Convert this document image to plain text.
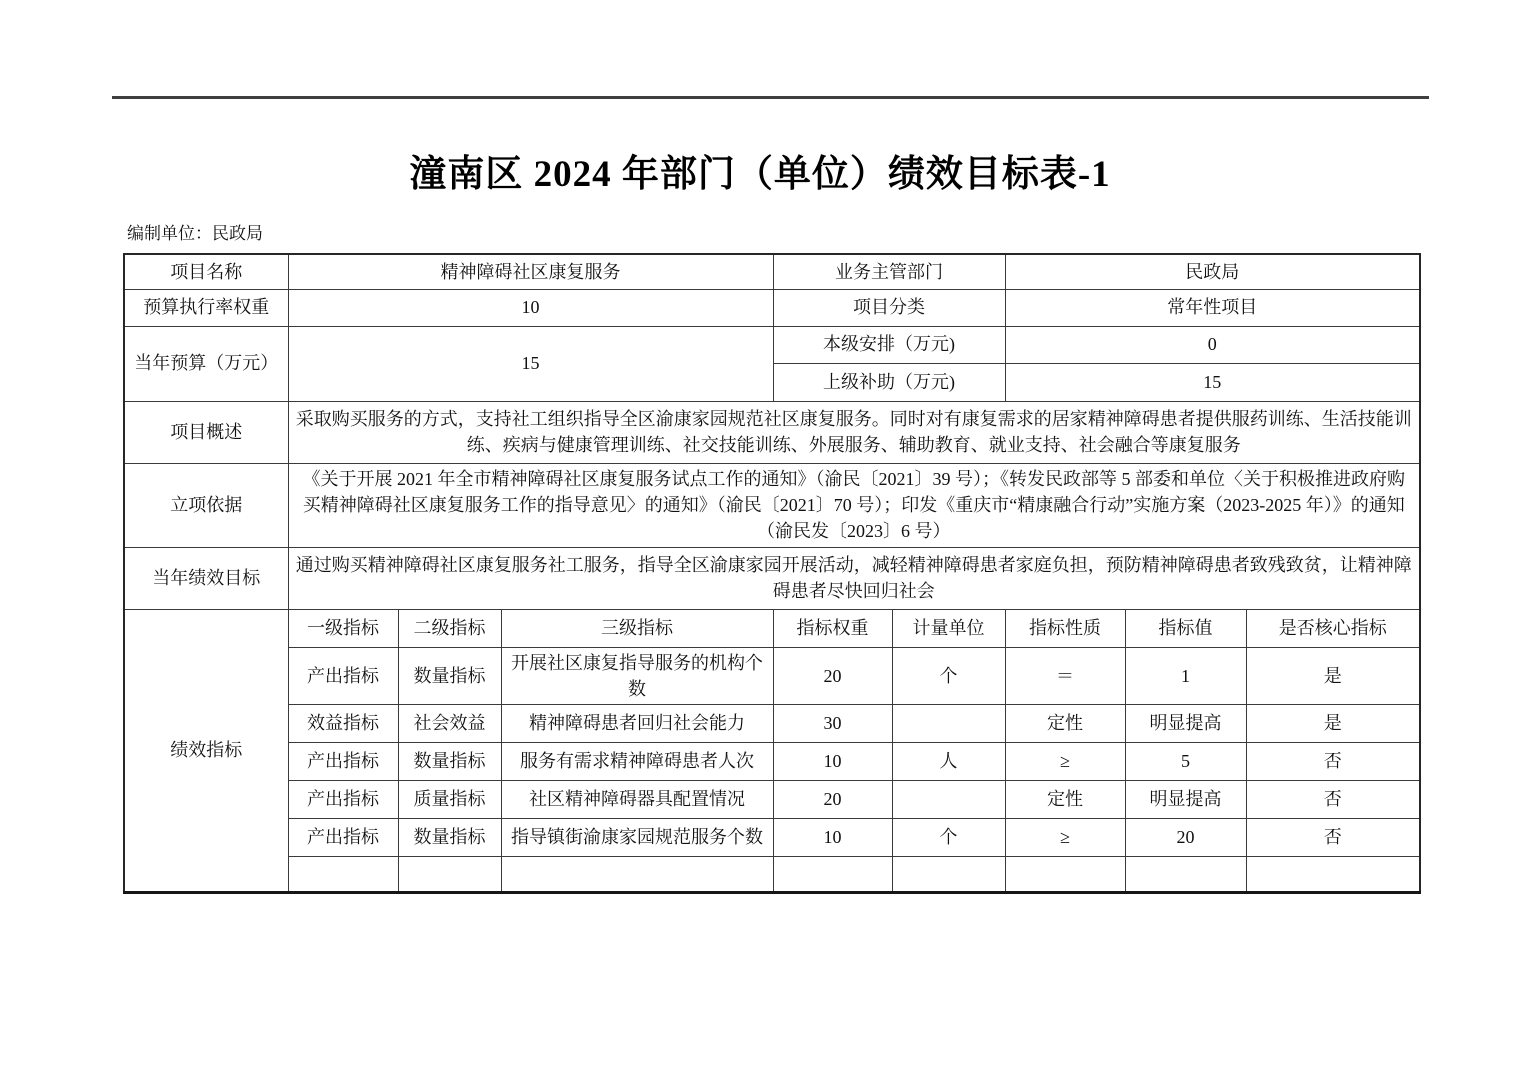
潼南区 2024 年部门（单位）绩效目标表-1
编制单位：民政局
项目名称	精神障碍社区康复服务			业务主管部门		民政局		
预算执行率权重	10			项目分类		常年性项目		
当年预算（万元）	15			本级安排（万元)		0		
				上级补助（万元)		15		
项目概述	采取购买服务的方式，支持社工组织指导全区渝康家园规范社区康复服务。同时对有康复需求的居家精神障碍患者提供服药训练、生活技能训练、疾病与健康管理训练、社交技能训练、外展服务、辅助教育、就业支持、社会融合等康复服务							
立项依据	《关于开展 2021 年全市精神障碍社区康复服务试点工作的通知》（渝民〔2021〕39 号）；《转发民政部等 5 部委和单位〈关于积极推进政府购买精神障碍社区康复服务工作的指导意见〉的通知》（渝民〔2021〕70 号）；印发《重庆市“精康融合行动”实施方案（2023-2025 年）》的通知（渝民发〔2023〕6 号）							
当年绩效目标	通过购买精神障碍社区康复服务社工服务，指导全区渝康家园开展活动，减轻精神障碍患者家庭负担，预防精神障碍患者致残致贫，让精神障碍患者尽快回归社会							
绩效指标	一级指标	二级指标	三级指标	指标权重	计量单位	指标性质	指标值	是否核心指标
	产出指标	数量指标	开展社区康复指导服务的机构个数	20	个	＝	1	是
	效益指标	社会效益	精神障碍患者回归社会能力	30		定性	明显提高	是
	产出指标	数量指标	服务有需求精神障碍患者人次	10	人	≥	5	否
	产出指标	质量指标	社区精神障碍器具配置情况	20		定性	明显提高	否
	产出指标	数量指标	指导镇街渝康家园规范服务个数	10	个	≥	20	否
